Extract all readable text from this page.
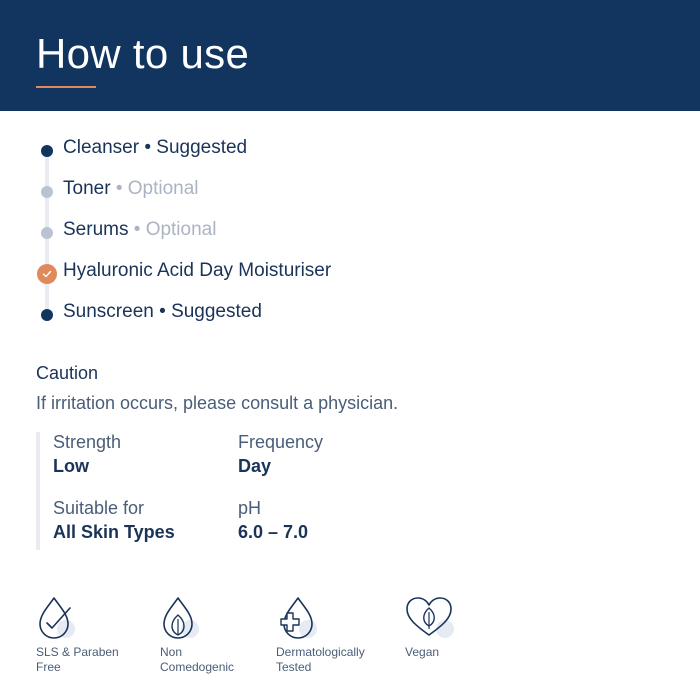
How to use
Cleanser • Suggested
Toner • Optional
Serums • Optional
Hyaluronic Acid Day Moisturiser
Sunscreen • Suggested
Caution
If irritation occurs, please consult a physician.
Strength
Low
Frequency
Day
Suitable for
All Skin Types
pH
6.0 – 7.0
SLS & Paraben
Free
Non
Comedogenic
Dermatologically
Tested
Vegan
